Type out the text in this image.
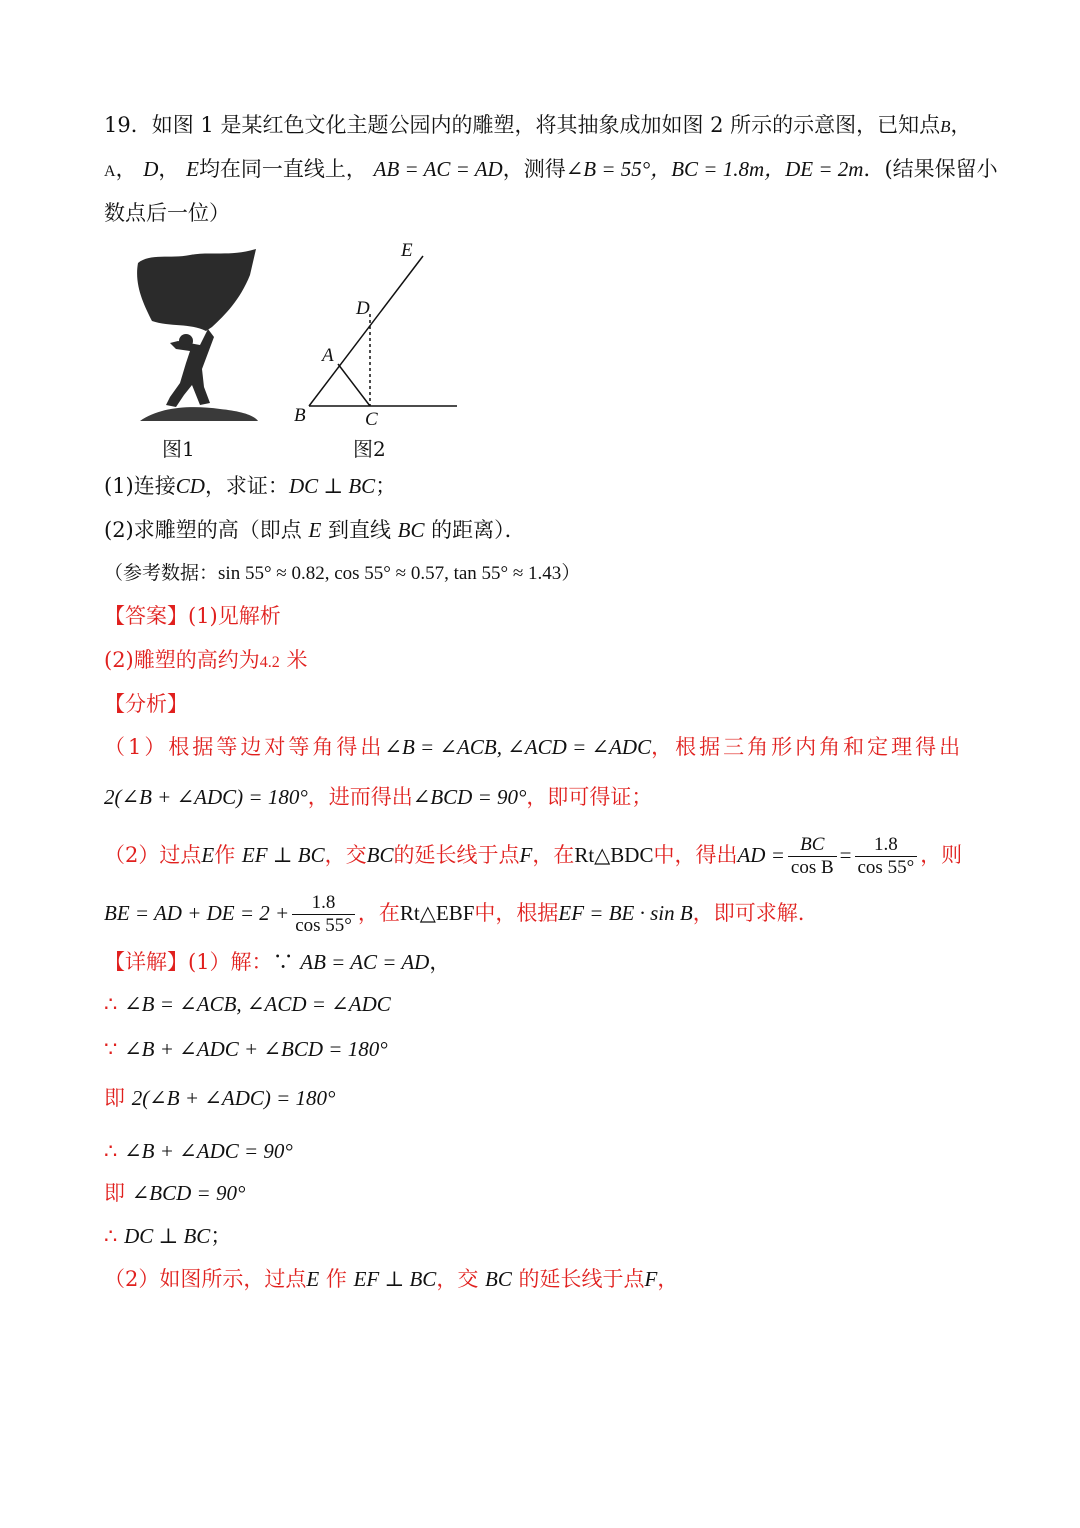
19．如图 1 是某红色文化主题公园内的雕塑，将其抽象成加如图 2 所示的示意图，已知点B，
A， D， E均在同一直线上， AB = AC = AD，测得∠B = 55°，BC = 1.8m，DE = 2m．(结果保留小
数点后一位）
图1
E
D
A
B	C
图2
(1)连接CD，求证：DC ⊥ BC；
(2)求雕塑的高（即点 E 到直线 BC 的距离）．
（参考数据：sin 55° ≈ 0.82, cos 55° ≈ 0.57, tan 55° ≈ 1.43）
【答案】(1)见解析
(2)雕塑的高约为4.2 米
【分析】
（1）根据等边对等角得出∠B = ∠ACB, ∠ACD = ∠ADC，根据三角形内角和定理得出
2(∠B + ∠ADC) = 180°，进而得出∠BCD = 90°，即可得证；
（2）过点E作 EF ⊥ BC，交BC的延长线于点F，在Rt△BDC中，得出AD = $\frac{BC}{\text{cos B}} = \frac{1.8}{\cos 55^\circ}$ ，则
BE = AD + DE = $2 + \frac{1.8}{\cos 55^\circ}$ ，在Rt△EBF中，根据EF = BE · sin B，即可求解.
【详解】(1）解：∵ AB = AC = AD，
∴ ∠B = ∠ACB, ∠ACD = ∠ADC
∵ ∠B + ∠ADC + ∠BCD = 180°
即 2(∠B + ∠ADC) = 180°
∴ ∠B + ∠ADC = 90°
即 ∠BCD = 90°
∴ DC ⊥ BC；
（2）如图所示，过点E 作 EF ⊥ BC，交 BC 的延长线于点F，
